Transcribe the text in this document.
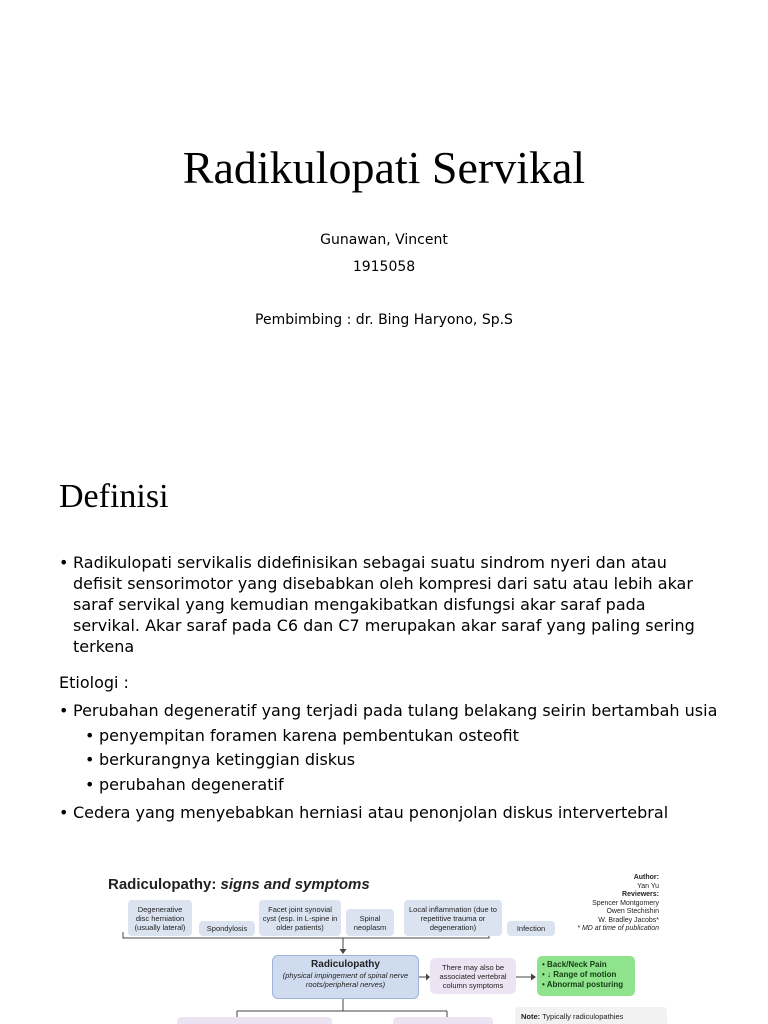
Radikulopati Servikal
Gunawan, Vincent
1915058
Pembimbing : dr. Bing Haryono, Sp.S
Definisi
• Radikulopati servikalis didefinisikan sebagai suatu sindrom nyeri dan atau defisit sensorimotor yang disebabkan oleh kompresi dari satu atau lebih akar saraf servikal yang kemudian mengakibatkan disfungsi akar saraf pada servikal. Akar saraf pada C6 dan C7 merupakan akar saraf yang paling sering terkena
Etiologi :
• Perubahan degeneratif yang terjadi pada tulang belakang seirin bertambah usia
• penyempitan foramen karena pembentukan osteofit
• berkurangnya ketinggian diskus
• perubahan degeneratif
• Cedera yang menyebabkan herniasi atau penonjolan diskus intervertebral
Radiculopathy: signs and symptoms	Author:
Yan Yu
Reviewers:
Spencer Montgomery
Owen Stechishin
W. Bradley Jacobs*
* MD at time of publication
Degenerative disc herniation (usually lateral)	Spondylosis
Facet joint synovial cyst (esp. in L-spine in older patients)
Spinal neoplasm
Local inflammation (due to repetitive trauma or degeneration)	Infection
Radiculopathy
(physical impingement of spinal nerve roots/peripheral nerves)
There may also be associated vertebral column symptoms
• Back/Neck Pain
• ↓ Range of motion
• Abnormal posturing
Note: Typically radiculopathies
